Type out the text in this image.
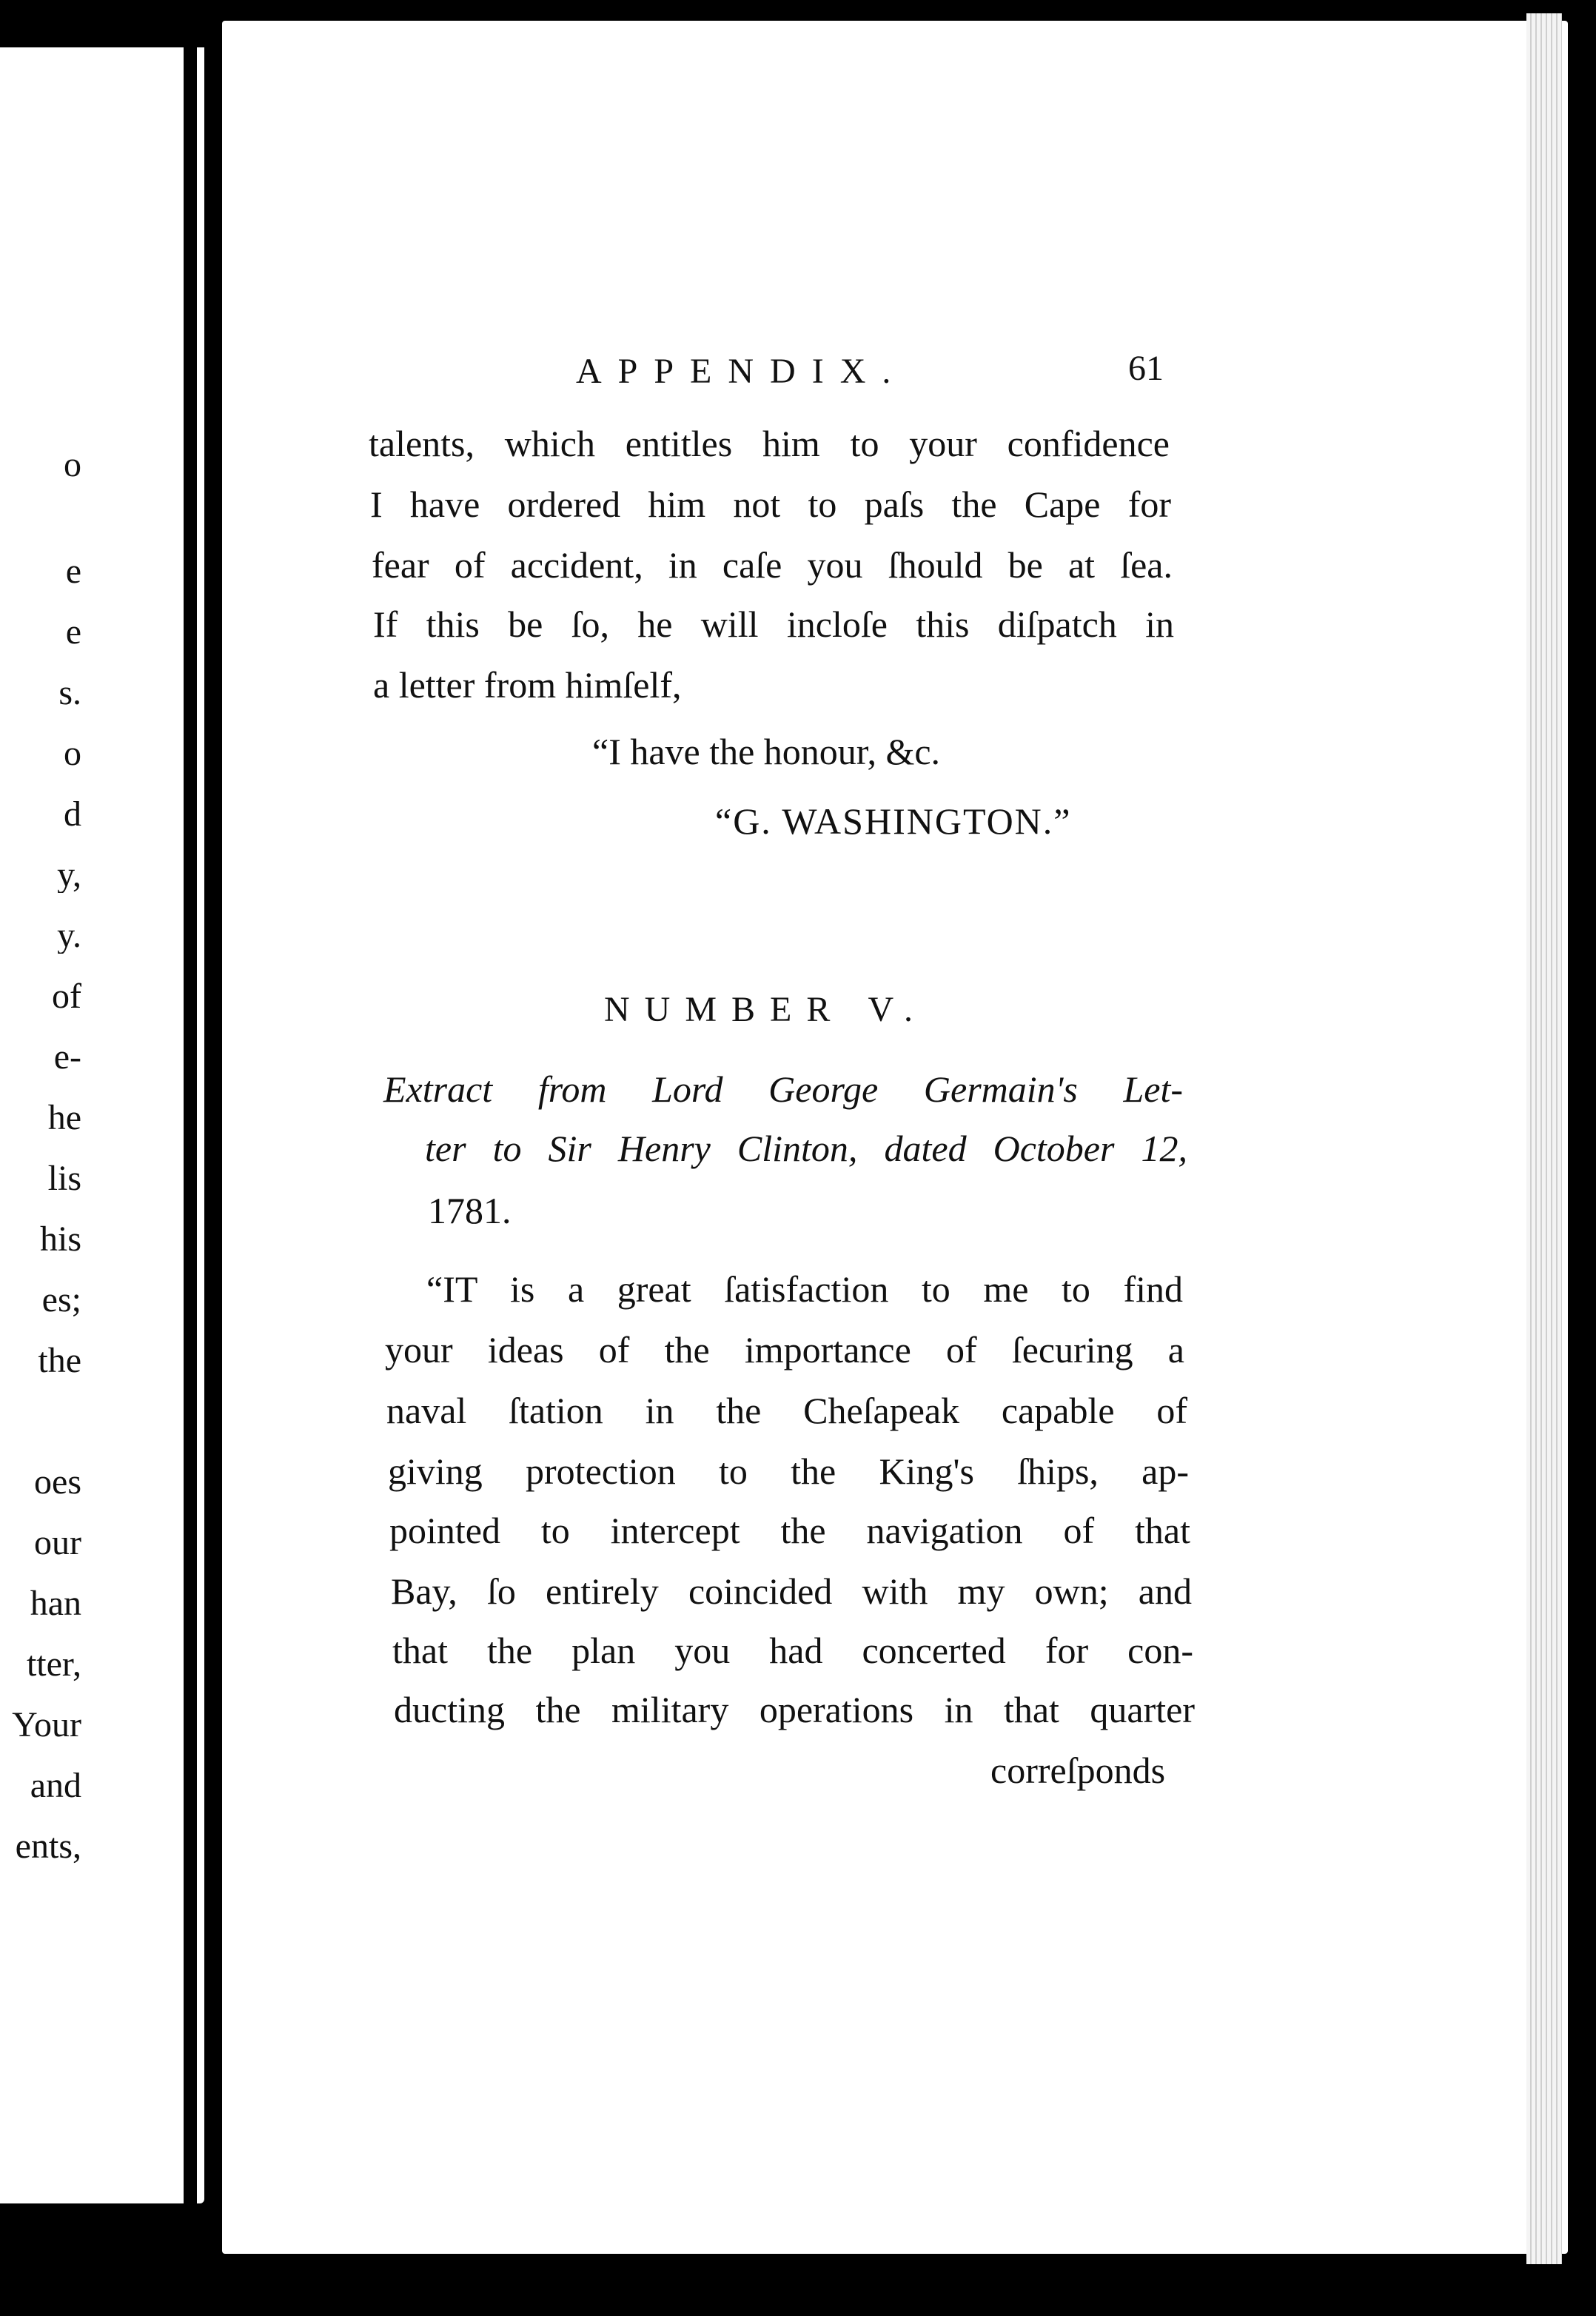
o
e
e
s.
o
d
y,
y.
of
e-
he
lis
his
es;
the
oes
our
han
tter,
Your
and
ents,
APPENDIX.	61
talents, which entitles him to your confidence
I have ordered him not to paſs the Cape for
fear of accident, in caſe you ſhould be at ſea.
If this be ſo, he will incloſe this diſpatch in
a letter from himſelf,
“I have the honour, &c.
“G. WASHINGTON.”
NUMBER V.
Extract from Lord George Germain's Let-
ter to Sir Henry Clinton, dated October 12,
1781.
“IT is a great ſatisfaction to me to find
your ideas of the importance of ſecuring a
naval ſtation in the Cheſapeak capable of
giving protection to the King's ſhips, ap-
pointed to intercept the navigation of that
Bay, ſo entirely coincided with my own; and
that the plan you had concerted for con-
ducting the military operations in that quarter
correſponds
